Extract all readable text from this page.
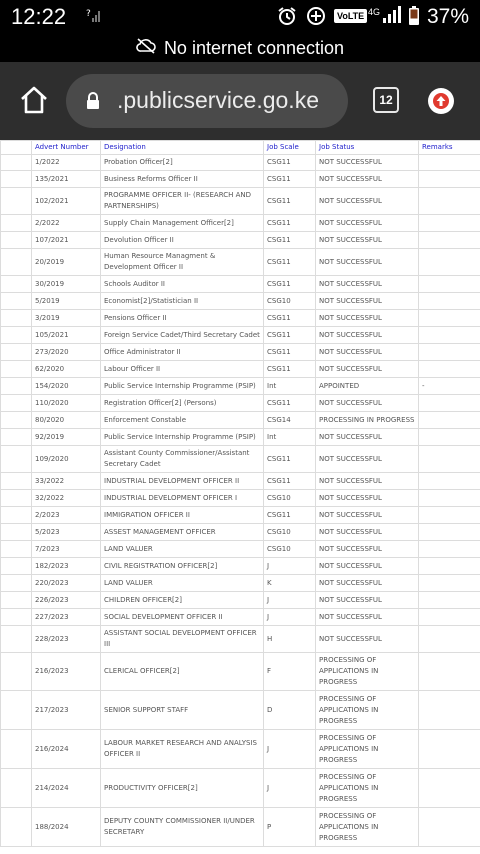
12:22 ?	VoLTE 4G 37%
No internet connection
.publicservice.go.ke	12
	Advert Number	Designation	Job Scale	Job Status	Remarks
	1/2022	Probation Officer[2]	CSG11	NOT SUCCESSFUL	
	135/2021	Business Reforms Officer II	CSG11	NOT SUCCESSFUL	
	102/2021	PROGRAMME OFFICER II- (RESEARCH AND PARTNERSHIPS)	CSG11	NOT SUCCESSFUL	
	2/2022	Supply Chain Management Officer[2]	CSG11	NOT SUCCESSFUL	
	107/2021	Devolution Officer II	CSG11	NOT SUCCESSFUL	
	20/2019	Human Resource Managment & Development Officer II	CSG11	NOT SUCCESSFUL	
	30/2019	Schools Auditor II	CSG11	NOT SUCCESSFUL	
	5/2019	Economist[2]/Statistician II	CSG10	NOT SUCCESSFUL	
	3/2019	Pensions Officer II	CSG11	NOT SUCCESSFUL	
	105/2021	Foreign Service Cadet/Third Secretary Cadet	CSG11	NOT SUCCESSFUL	
	273/2020	Office Administrator II	CSG11	NOT SUCCESSFUL	
	62/2020	Labour Officer II	CSG11	NOT SUCCESSFUL	
	154/2020	Public Service Internship Programme (PSIP)	Int	APPOINTED	-
	110/2020	Registration Officer[2] (Persons)	CSG11	NOT SUCCESSFUL	
	80/2020	Enforcement Constable	CSG14	PROCESSING IN PROGRESS	
	92/2019	Public Service Internship Programme (PSIP)	Int	NOT SUCCESSFUL	
	109/2020	Assistant County Commissioner/Assistant Secretary Cadet	CSG11	NOT SUCCESSFUL	
	33/2022	INDUSTRIAL DEVELOPMENT OFFICER II	CSG11	NOT SUCCESSFUL	
	32/2022	INDUSTRIAL DEVELOPMENT OFFICER I	CSG10	NOT SUCCESSFUL	
	2/2023	IMMIGRATION OFFICER II	CSG11	NOT SUCCESSFUL	
	5/2023	ASSEST MANAGEMENT OFFICER	CSG10	NOT SUCCESSFUL	
	7/2023	LAND VALUER	CSG10	NOT SUCCESSFUL	
	182/2023	CIVIL REGISTRATION OFFICER[2]	J	NOT SUCCESSFUL	
	220/2023	LAND VALUER	K	NOT SUCCESSFUL	
	226/2023	CHILDREN OFFICER[2]	J	NOT SUCCESSFUL	
	227/2023	SOCIAL DEVELOPMENT OFFICER II	J	NOT SUCCESSFUL	
	228/2023	ASSISTANT SOCIAL DEVELOPMENT OFFICER III	H	NOT SUCCESSFUL	
	216/2023	CLERICAL OFFICER[2]	F	PROCESSING OF APPLICATIONS IN PROGRESS	
	217/2023	SENIOR SUPPORT STAFF	D	PROCESSING OF APPLICATIONS IN PROGRESS	
	216/2024	LABOUR MARKET RESEARCH AND ANALYSIS OFFICER II	J	PROCESSING OF APPLICATIONS IN PROGRESS	
	214/2024	PRODUCTIVITY OFFICER[2]	J	PROCESSING OF APPLICATIONS IN PROGRESS	
	188/2024	DEPUTY COUNTY COMMISSIONER II/UNDER SECRETARY	P	PROCESSING OF APPLICATIONS IN PROGRESS	
